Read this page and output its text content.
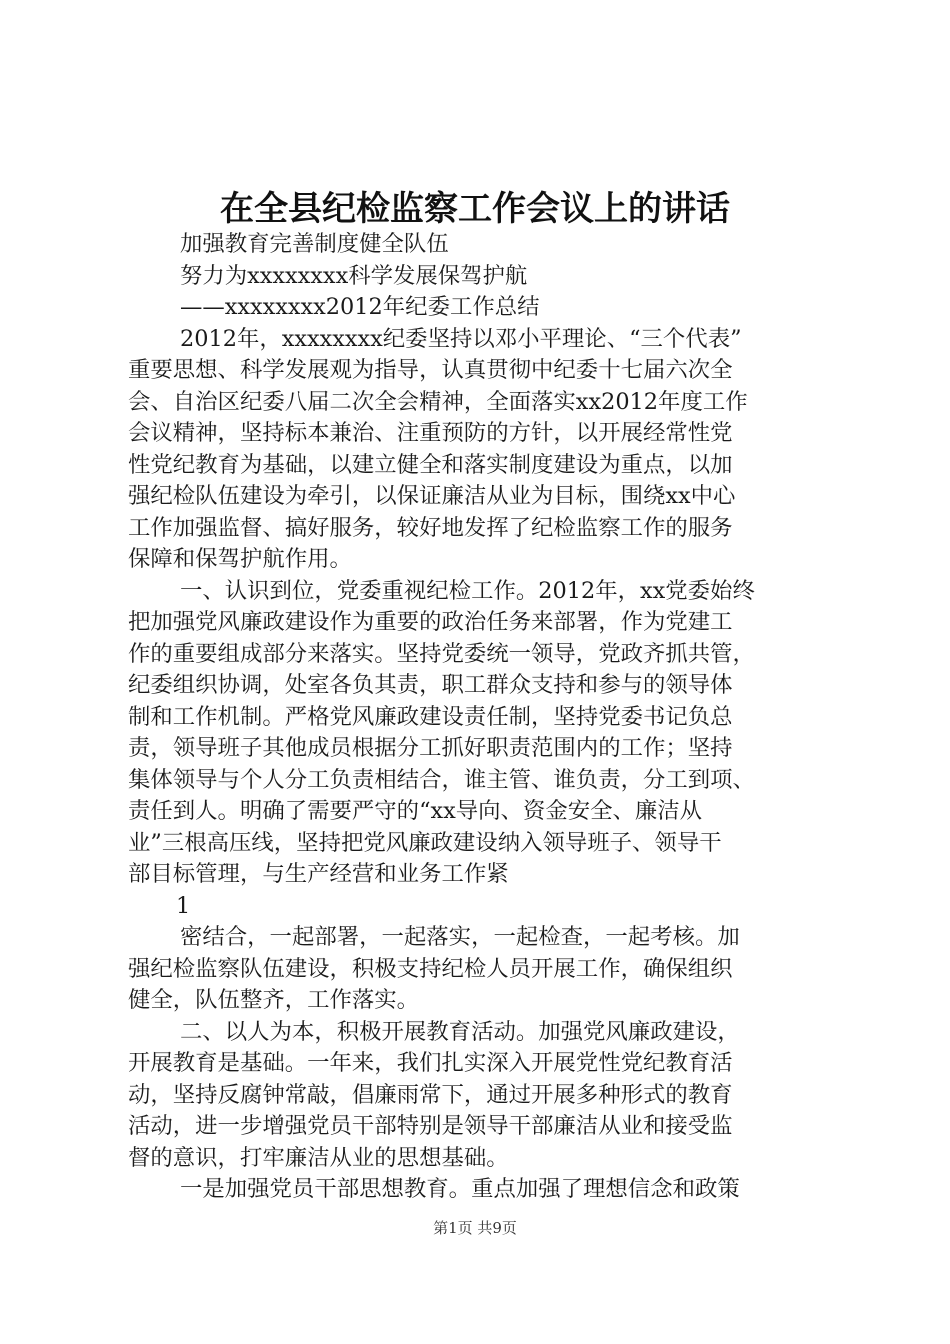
在全县纪检监察工作会议上的讲话
加强教育完善制度健全队伍
努力为xxxxxxxx科学发展保驾护航
——xxxxxxxx2012年纪委工作总结
2012年，xxxxxxxx纪委坚持以邓小平理论、“三个代表”
重要思想、科学发展观为指导，认真贯彻中纪委十七届六次全
会、自治区纪委八届二次全会精神，全面落实xx2012年度工作
会议精神，坚持标本兼治、注重预防的方针，以开展经常性党
性党纪教育为基础，以建立健全和落实制度建设为重点，以加
强纪检队伍建设为牵引，以保证廉洁从业为目标，围绕xx中心
工作加强监督、搞好服务，较好地发挥了纪检监察工作的服务
保障和保驾护航作用。
一、认识到位，党委重视纪检工作。2012年，xx党委始终
把加强党风廉政建设作为重要的政治任务来部署，作为党建工
作的重要组成部分来落实。坚持党委统一领导，党政齐抓共管，
纪委组织协调，处室各负其责，职工群众支持和参与的领导体
制和工作机制。严格党风廉政建设责任制，坚持党委书记负总
责，领导班子其他成员根据分工抓好职责范围内的工作；坚持
集体领导与个人分工负责相结合，谁主管、谁负责，分工到项、
责任到人。明确了需要严守的“xx导向、资金安全、廉洁从
业”三根高压线，坚持把党风廉政建设纳入领导班子、领导干
部目标管理，与生产经营和业务工作紧
1
密结合，一起部署，一起落实，一起检查，一起考核。加
强纪检监察队伍建设，积极支持纪检人员开展工作，确保组织
健全，队伍整齐，工作落实。
二、以人为本，积极开展教育活动。加强党风廉政建设，
开展教育是基础。一年来，我们扎实深入开展党性党纪教育活
动，坚持反腐钟常敲，倡廉雨常下，通过开展多种形式的教育
活动，进一步增强党员干部特别是领导干部廉洁从业和接受监
督的意识，打牢廉洁从业的思想基础。
一是加强党员干部思想教育。重点加强了理想信念和政策
第1页 共9页
